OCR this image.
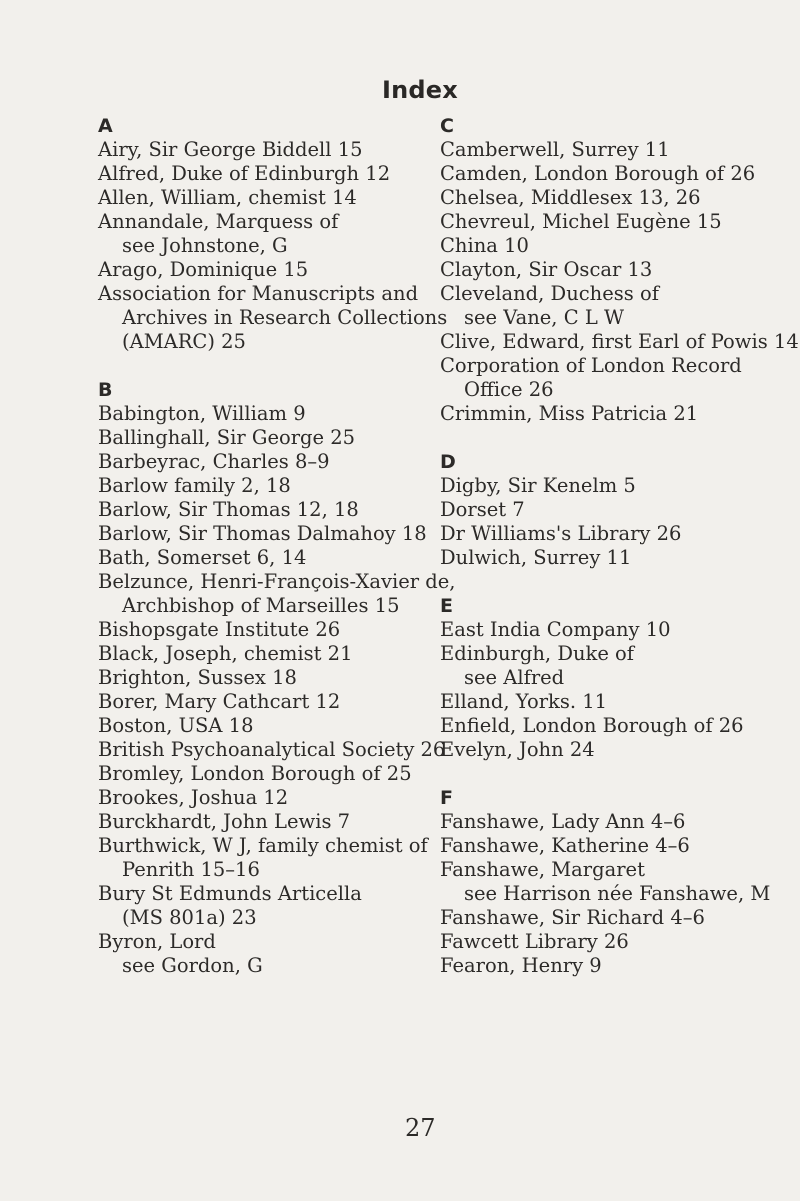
Index
A
Airy, Sir George Biddell 15
Alfred, Duke of Edinburgh 12
Allen, William, chemist 14
Annandale, Marquess of
see Johnstone, G
Arago, Dominique 15
Association for Manuscripts and
Archives in Research Collections
(AMARC) 25
B
Babington, William 9
Ballinghall, Sir George 25
Barbeyrac, Charles 8–9
Barlow family 2, 18
Barlow, Sir Thomas 12, 18
Barlow, Sir Thomas Dalmahoy 18
Bath, Somerset 6, 14
Belzunce, Henri-François-Xavier de,
Archbishop of Marseilles 15
Bishopsgate Institute 26
Black, Joseph, chemist 21
Brighton, Sussex 18
Borer, Mary Cathcart 12
Boston, USA 18
British Psychoanalytical Society 26
Bromley, London Borough of 25
Brookes, Joshua 12
Burckhardt, John Lewis 7
Burthwick, W J, family chemist of
Penrith 15–16
Bury St Edmunds Articella
(MS 801a) 23
Byron, Lord
see Gordon, G
C
Camberwell, Surrey 11
Camden, London Borough of 26
Chelsea, Middlesex 13, 26
Chevreul, Michel Eugène 15
China 10
Clayton, Sir Oscar 13
Cleveland, Duchess of
see Vane, C L W
Clive, Edward, first Earl of Powis 14
Corporation of London Record
Office 26
Crimmin, Miss Patricia 21
D
Digby, Sir Kenelm 5
Dorset 7
Dr Williams's Library 26
Dulwich, Surrey 11
E
East India Company 10
Edinburgh, Duke of
see Alfred
Elland, Yorks. 11
Enfield, London Borough of 26
Evelyn, John 24
F
Fanshawe, Lady Ann 4–6
Fanshawe, Katherine 4–6
Fanshawe, Margaret
see Harrison née Fanshawe, M
Fanshawe, Sir Richard 4–6
Fawcett Library 26
Fearon, Henry 9
27
